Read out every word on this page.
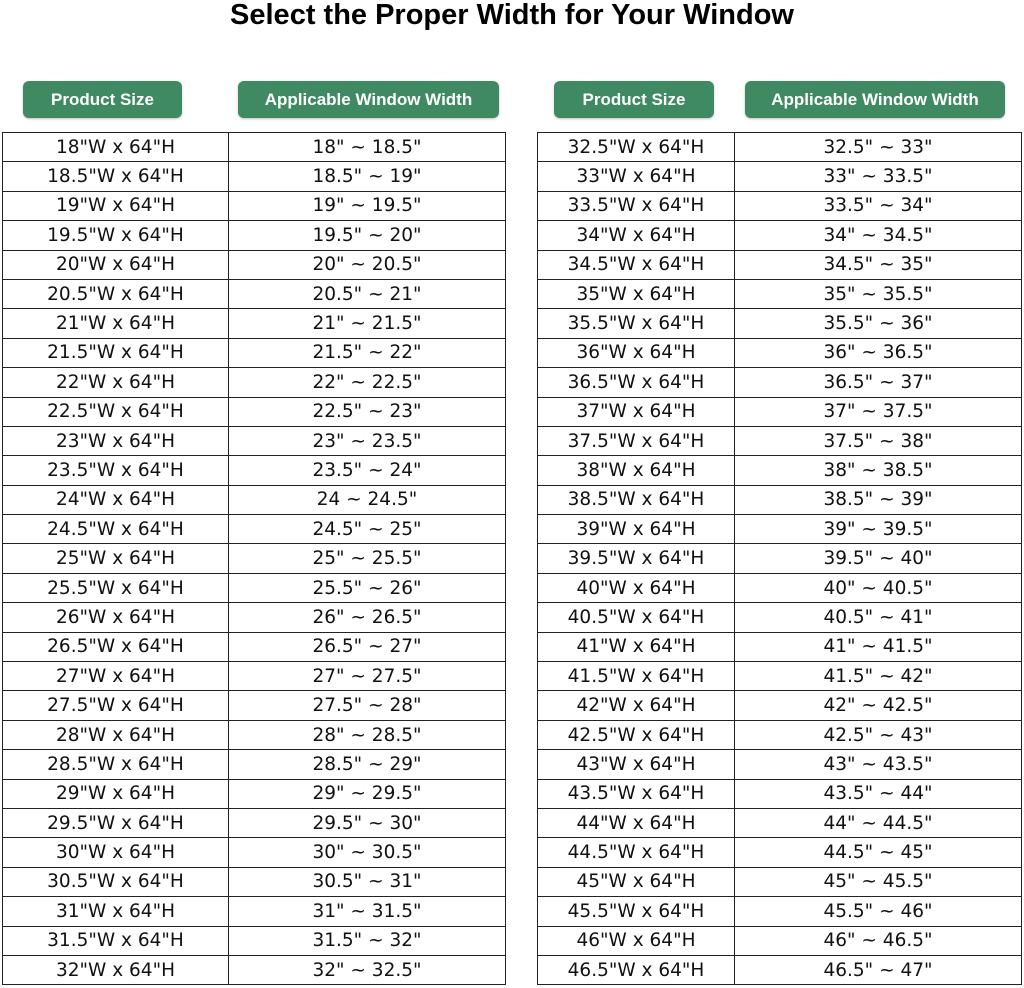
Select the Proper Width for Your Window
Product Size	Applicable Window Width	Product Size	Applicable Window Width
18"W x 64"H	18" ~ 18.5"
18.5"W x 64"H	18.5" ~ 19"
19"W x 64"H	19" ~ 19.5"
19.5"W x 64"H	19.5" ~ 20"
20"W x 64"H	20" ~ 20.5"
20.5"W x 64"H	20.5" ~ 21"
21"W x 64"H	21" ~ 21.5"
21.5"W x 64"H	21.5" ~ 22"
22"W x 64"H	22" ~ 22.5"
22.5"W x 64"H	22.5" ~ 23"
23"W x 64"H	23" ~ 23.5"
23.5"W x 64"H	23.5" ~ 24"
24"W x 64"H	24 ~ 24.5"
24.5"W x 64"H	24.5" ~ 25"
25"W x 64"H	25" ~ 25.5"
25.5"W x 64"H	25.5" ~ 26"
26"W x 64"H	26" ~ 26.5"
26.5"W x 64"H	26.5" ~ 27"
27"W x 64"H	27" ~ 27.5"
27.5"W x 64"H	27.5" ~ 28"
28"W x 64"H	28" ~ 28.5"
28.5"W x 64"H	28.5" ~ 29"
29"W x 64"H	29" ~ 29.5"
29.5"W x 64"H	29.5" ~ 30"
30"W x 64"H	30" ~ 30.5"
30.5"W x 64"H	30.5" ~ 31"
31"W x 64"H	31" ~ 31.5"
31.5"W x 64"H	31.5" ~ 32"
32"W x 64"H	32" ~ 32.5"
32.5"W x 64"H	32.5" ~ 33"
33"W x 64"H	33" ~ 33.5"
33.5"W x 64"H	33.5" ~ 34"
34"W x 64"H	34" ~ 34.5"
34.5"W x 64"H	34.5" ~ 35"
35"W x 64"H	35" ~ 35.5"
35.5"W x 64"H	35.5" ~ 36"
36"W x 64"H	36" ~ 36.5"
36.5"W x 64"H	36.5" ~ 37"
37"W x 64"H	37" ~ 37.5"
37.5"W x 64"H	37.5" ~ 38"
38"W x 64"H	38" ~ 38.5"
38.5"W x 64"H	38.5" ~ 39"
39"W x 64"H	39" ~ 39.5"
39.5"W x 64"H	39.5" ~ 40"
40"W x 64"H	40" ~ 40.5"
40.5"W x 64"H	40.5" ~ 41"
41"W x 64"H	41" ~ 41.5"
41.5"W x 64"H	41.5" ~ 42"
42"W x 64"H	42" ~ 42.5"
42.5"W x 64"H	42.5" ~ 43"
43"W x 64"H	43" ~ 43.5"
43.5"W x 64"H	43.5" ~ 44"
44"W x 64"H	44" ~ 44.5"
44.5"W x 64"H	44.5" ~ 45"
45"W x 64"H	45" ~ 45.5"
45.5"W x 64"H	45.5" ~ 46"
46"W x 64"H	46" ~ 46.5"
46.5"W x 64"H	46.5" ~ 47"
